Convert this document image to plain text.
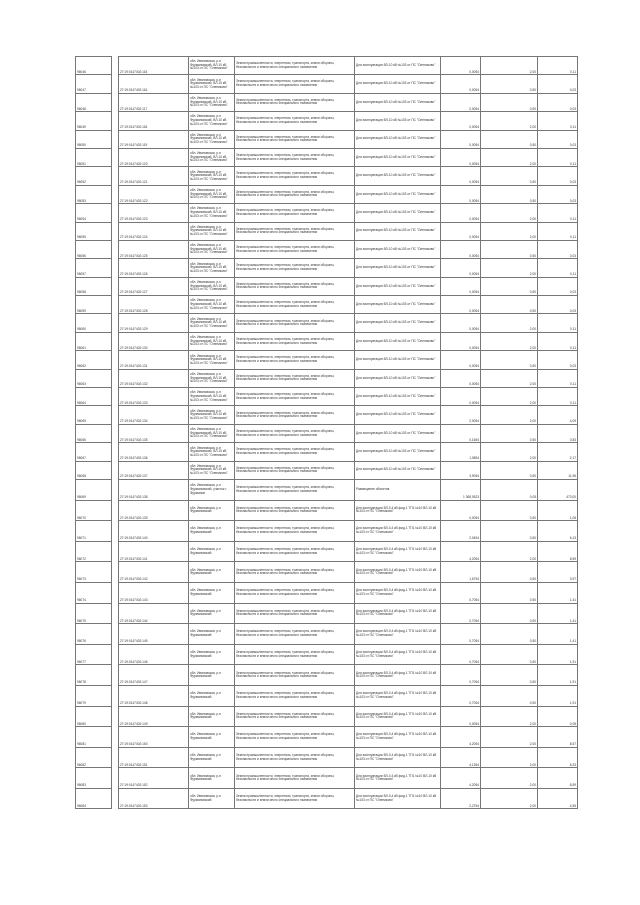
96046		27:19:0147402:115	обл. Ивановская, р-н Фурмановский, ВЛ-10 кВ №103 от ПС "Олениково"	Земли промышленности, энергетики, транспорта, земли обороны, безопасности и земли иного специального назначения	Для эксплуатации ВЛ-10 кВ №103 от ПС "Олениково"	0,0054	2,00	0,11
96047		27:19:0147402:116	обл. Ивановская, р-н Фурмановский, ВЛ-10 кВ №103 от ПС "Олениково"	Земли промышленности, энергетики, транспорта, земли обороны, безопасности и земли иного специального назначения	Для эксплуатации ВЛ-10 кВ №103 от ПС "Олениково"	0,0054	0,50	0,03
96048		27:19:0147402:117	обл. Ивановская, р-н Фурмановский, ВЛ-10 кВ №103 от ПС "Олениково"	Земли промышленности, энергетики, транспорта, земли обороны, безопасности и земли иного специального назначения	Для эксплуатации ВЛ-10 кВ №103 от ПС "Олениково"	0,0054	0,50	0,03
96049		27:19:0147402:118	обл. Ивановская, р-н Фурмановский, ВЛ-10 кВ №103 от ПС "Олениково"	Земли промышленности, энергетики, транспорта, земли обороны, безопасности и земли иного специального назначения	Для эксплуатации ВЛ-10 кВ №103 от ПС "Олениково"	0,0054	2,00	0,11
96050		27:19:0147402:119	обл. Ивановская, р-н Фурмановский, ВЛ-10 кВ №103 от ПС "Олениково"	Земли промышленности, энергетики, транспорта, земли обороны, безопасности и земли иного специального назначения	Для эксплуатации ВЛ-10 кВ №103 от ПС "Олениково"	0,0054	0,50	0,03
96051		27:19:0147402:120	обл. Ивановская, р-н Фурмановский, ВЛ-10 кВ №103 от ПС "Олениково"	Земли промышленности, энергетики, транспорта, земли обороны, безопасности и земли иного специального назначения	Для эксплуатации ВЛ-10 кВ №103 от ПС "Олениково"	0,0054	2,00	0,11
96052		27:19:0147402:121	обл. Ивановская, р-н Фурмановский, ВЛ-10 кВ №103 от ПС "Олениково"	Земли промышленности, энергетики, транспорта, земли обороны, безопасности и земли иного специального назначения	Для эксплуатации ВЛ-10 кВ №103 от ПС "Олениково"	0,0054	0,50	0,03
96053		27:19:0147402:122	обл. Ивановская, р-н Фурмановский, ВЛ-10 кВ №103 от ПС "Олениково"	Земли промышленности, энергетики, транспорта, земли обороны, безопасности и земли иного специального назначения	Для эксплуатации ВЛ-10 кВ №103 от ПС "Олениково"	0,0054	0,50	0,03
96054		27:19:0147402:123	обл. Ивановская, р-н Фурмановский, ВЛ-10 кВ №103 от ПС "Олениково"	Земли промышленности, энергетики, транспорта, земли обороны, безопасности и земли иного специального назначения	Для эксплуатации ВЛ-10 кВ №103 от ПС "Олениково"	0,0054	2,00	0,11
96055		27:19:0147402:124	обл. Ивановская, р-н Фурмановский, ВЛ-10 кВ №103 от ПС "Олениково"	Земли промышленности, энергетики, транспорта, земли обороны, безопасности и земли иного специального назначения	Для эксплуатации ВЛ-10 кВ №103 от ПС "Олениково"	0,0054	2,00	0,11
96056		27:19:0147402:125	обл. Ивановская, р-н Фурмановский, ВЛ-10 кВ №103 от ПС "Олениково"	Земли промышленности, энергетики, транспорта, земли обороны, безопасности и земли иного специального назначения	Для эксплуатации ВЛ-10 кВ №103 от ПС "Олениково"	0,0054	0,50	0,03
96057		27:19:0147402:126	обл. Ивановская, р-н Фурмановский, ВЛ-10 кВ №103 от ПС "Олениково"	Земли промышленности, энергетики, транспорта, земли обороны, безопасности и земли иного специального назначения	Для эксплуатации ВЛ-10 кВ №103 от ПС "Олениково"	0,0054	2,00	0,11
96058		27:19:0147402:127	обл. Ивановская, р-н Фурмановский, ВЛ-10 кВ №103 от ПС "Олениково"	Земли промышленности, энергетики, транспорта, земли обороны, безопасности и земли иного специального назначения	Для эксплуатации ВЛ-10 кВ №103 от ПС "Олениково"	0,0054	0,50	0,03
96059		27:19:0147402:128	обл. Ивановская, р-н Фурмановский, ВЛ-10 кВ №103 от ПС "Олениково"	Земли промышленности, энергетики, транспорта, земли обороны, безопасности и земли иного специального назначения	Для эксплуатации ВЛ-10 кВ №103 от ПС "Олениково"	0,0054	0,50	0,03
96060		27:19:0147402:129	обл. Ивановская, р-н Фурмановский, ВЛ-10 кВ №103 от ПС "Олениково"	Земли промышленности, энергетики, транспорта, земли обороны, безопасности и земли иного специального назначения	Для эксплуатации ВЛ-10 кВ №103 от ПС "Олениково"	0,0054	2,00	0,11
96061		27:19:0147402:130	обл. Ивановская, р-н Фурмановский, ВЛ-10 кВ №103 от ПС "Олениково"	Земли промышленности, энергетики, транспорта, земли обороны, безопасности и земли иного специального назначения	Для эксплуатации ВЛ-10 кВ №103 от ПС "Олениково"	0,0054	2,00	0,11
96062		27:19:0147402:131	обл. Ивановская, р-н Фурмановский, ВЛ-10 кВ №103 от ПС "Олениково"	Земли промышленности, энергетики, транспорта, земли обороны, безопасности и земли иного специального назначения	Для эксплуатации ВЛ-10 кВ №103 от ПС "Олениково"	0,0054	0,50	0,03
96063		27:19:0147402:132	обл. Ивановская, р-н Фурмановский, ВЛ-10 кВ №103 от ПС "Олениково"	Земли промышленности, энергетики, транспорта, земли обороны, безопасности и земли иного специального назначения	Для эксплуатации ВЛ-10 кВ №103 от ПС "Олениково"	0,0054	2,00	0,11
96064		27:19:0147402:133	обл. Ивановская, р-н Фурмановский, ВЛ-10 кВ №103 от ПС "Олениково"	Земли промышленности, энергетики, транспорта, земли обороны, безопасности и земли иного специального назначения	Для эксплуатации ВЛ-10 кВ №103 от ПС "Олениково"	0,0054	2,00	0,11
96065		27:19:0147402:134	обл. Ивановская, р-н Фурмановский, ВЛ-10 кВ №103 от ПС "Олениково"	Земли промышленности, энергетики, транспорта, земли обороны, безопасности и земли иного специального назначения	Для эксплуатации ВЛ-10 кВ №103 от ПС "Олениково"	2,0054	2,00	4,09
96066		27:19:0147402:135	обл. Ивановская, р-н Фурмановский, ВЛ-10 кВ №103 от ПС "Олениково"	Земли промышленности, энергетики, транспорта, земли обороны, безопасности и земли иного специального назначения	Для эксплуатации ВЛ-10 кВ №103 от ПС "Олениково"	0,1654	0,50	0,83
96067		27:19:0147402:136	обл. Ивановская, р-н Фурмановский, ВЛ-10 кВ №103 от ПС "Олениково"	Земли промышленности, энергетики, транспорта, земли обороны, безопасности и земли иного специального назначения	Для эксплуатации ВЛ-10 кВ №103 от ПС "Олениково"	1,0854	2,00	2,17
96068		27:19:0147402:137	обл. Ивановская, р-н Фурмановский, ВЛ-10 кВ №103 от ПС "Олениково"	Земли промышленности, энергетики, транспорта, земли обороны, безопасности и земли иного специального назначения	Для эксплуатации ВЛ-10 кВ №103 от ПС "Олениково"	3,9054	0,50	11,96
96069		27:19:0147402:138	обл. Ивановская, р-н Фурмановский, участок г. Фурманов	Земли промышленности, энергетики, транспорта, земли обороны, безопасности и земли иного специального назначения	Размещение объектов	1 368,0523	0,05	473,00
96070		27:19:0147402:139	обл. Ивановская, р-н Фурмановский	Земли промышленности, энергетики, транспорта, земли обороны, безопасности и земли иного специального назначения	Для эксплуатации ВЛ-0,4 кВ фид.1 ТП1 №10 ВЛ-10 кВ №103 от ПС "Олениково"	0,0054	0,50	1,08
96071		27:19:0147402:140	обл. Ивановская, р-н Фурмановский	Земли промышленности, энергетики, транспорта, земли обороны, безопасности и земли иного специального назначения	Для эксплуатации ВЛ-0,4 кВ фид.1 ТП1 №10 ВЛ-10 кВ №103 от ПС "Олениково"	2,0454	0,50	6,13
96072		27:19:0147402:141	обл. Ивановская, р-н Фурмановский	Земли промышленности, энергетики, транспорта, земли обороны, безопасности и земли иного специального назначения	Для эксплуатации ВЛ-0,4 кВ фид.1 ТП1 №10 ВЛ-10 кВ №103 от ПС "Олениково"	4,2054	2,00	8,59
96073		27:19:0147402:142	обл. Ивановская, р-н Фурмановский	Земли промышленности, энергетики, транспорта, земли обороны, безопасности и земли иного специального назначения	Для эксплуатации ВЛ-0,4 кВ фид.1 ТП1 №10 ВЛ-10 кВ №103 от ПС "Олениково"	1,6754	0,50	3,97
96074		27:19:0147402:143	обл. Ивановская, р-н Фурмановский	Земли промышленности, энергетики, транспорта, земли обороны, безопасности и земли иного специального назначения	Для эксплуатации ВЛ-0,4 кВ фид.1 ТП1 №10 ВЛ-10 кВ №103 от ПС "Олениково"	0,7054	0,50	1,41
96075		27:19:0147402:144	обл. Ивановская, р-н Фурмановский	Земли промышленности, энергетики, транспорта, земли обороны, безопасности и земли иного специального назначения	Для эксплуатации ВЛ-0,4 кВ фид.1 ТП1 №10 ВЛ-10 кВ №103 от ПС "Олениково"	0,7054	0,50	1,41
96076		27:19:0147402:145	обл. Ивановская, р-н Фурмановский	Земли промышленности, энергетики, транспорта, земли обороны, безопасности и земли иного специального назначения	Для эксплуатации ВЛ-0,4 кВ фид.1 ТП1 №10 ВЛ-10 кВ №103 от ПС "Олениково"	0,7054	0,50	1,41
96077		27:19:0147402:146	обл. Ивановская, р-н Фурмановский	Земли промышленности, энергетики, транспорта, земли обороны, безопасности и земли иного специального назначения	Для эксплуатации ВЛ-0,4 кВ фид.1 ТП1 №10 ВЛ-10 кВ №103 от ПС "Олениково"	0,7054	0,50	1,91
96078		27:19:0147402:147	обл. Ивановская, р-н Фурмановский	Земли промышленности, энергетики, транспорта, земли обороны, безопасности и земли иного специального назначения	Для эксплуатации ВЛ-0,4 кВ фид.1 ТП1 №10 ВЛ-10 кВ №103 от ПС "Олениково"	0,7054	0,50	1,91
96079		27:19:0147402:148	обл. Ивановская, р-н Фурмановский	Земли промышленности, энергетики, транспорта, земли обороны, безопасности и земли иного специального назначения	Для эксплуатации ВЛ-0,4 кВ фид.1 ТП1 №10 ВЛ-10 кВ №103 от ПС "Олениково"	0,7054	0,50	1,91
96080		27:19:0147402:149	обл. Ивановская, р-н Фурмановский	Земли промышленности, энергетики, транспорта, земли обороны, безопасности и земли иного специального назначения	Для эксплуатации ВЛ-0,4 кВ фид.1 ТП1 №10 ВЛ-10 кВ №103 от ПС "Олениково"	0,0054	2,00	0,08
96081		27:19:0147402:150	обл. Ивановская, р-н Фурмановский	Земли промышленности, энергетики, транспорта, земли обороны, безопасности и земли иного специального назначения	Для эксплуатации ВЛ-0,4 кВ фид.1 ТП1 №10 ВЛ-10 кВ №103 от ПС "Олениково"	4,2054	2,00	8,57
96082		27:19:0147402:151	обл. Ивановская, р-н Фурмановский	Земли промышленности, энергетики, транспорта, земли обороны, безопасности и земли иного специального назначения	Для эксплуатации ВЛ-0,4 кВ фид.1 ТП1 №10 ВЛ-10 кВ №103 от ПС "Олениково"	4,1354	2,00	8,33
96083		27:19:0147402:152	обл. Ивановская, р-н Фурмановский	Земли промышленности, энергетики, транспорта, земли обороны, безопасности и земли иного специального назначения	Для эксплуатации ВЛ-0,4 кВ фид.1 ТП1 №10 ВЛ-10 кВ №103 от ПС "Олениково"	4,2054	2,00	8,59
96084		27:19:0147402:153	обл. Ивановская, р-н Фурмановский	Земли промышленности, энергетики, транспорта, земли обороны, безопасности и земли иного специального назначения	Для эксплуатации ВЛ-0,4 кВ фид.1 ТП1 №10 ВЛ-10 кВ №103 от ПС "Олениково"	2,2754	2,00	4,55
